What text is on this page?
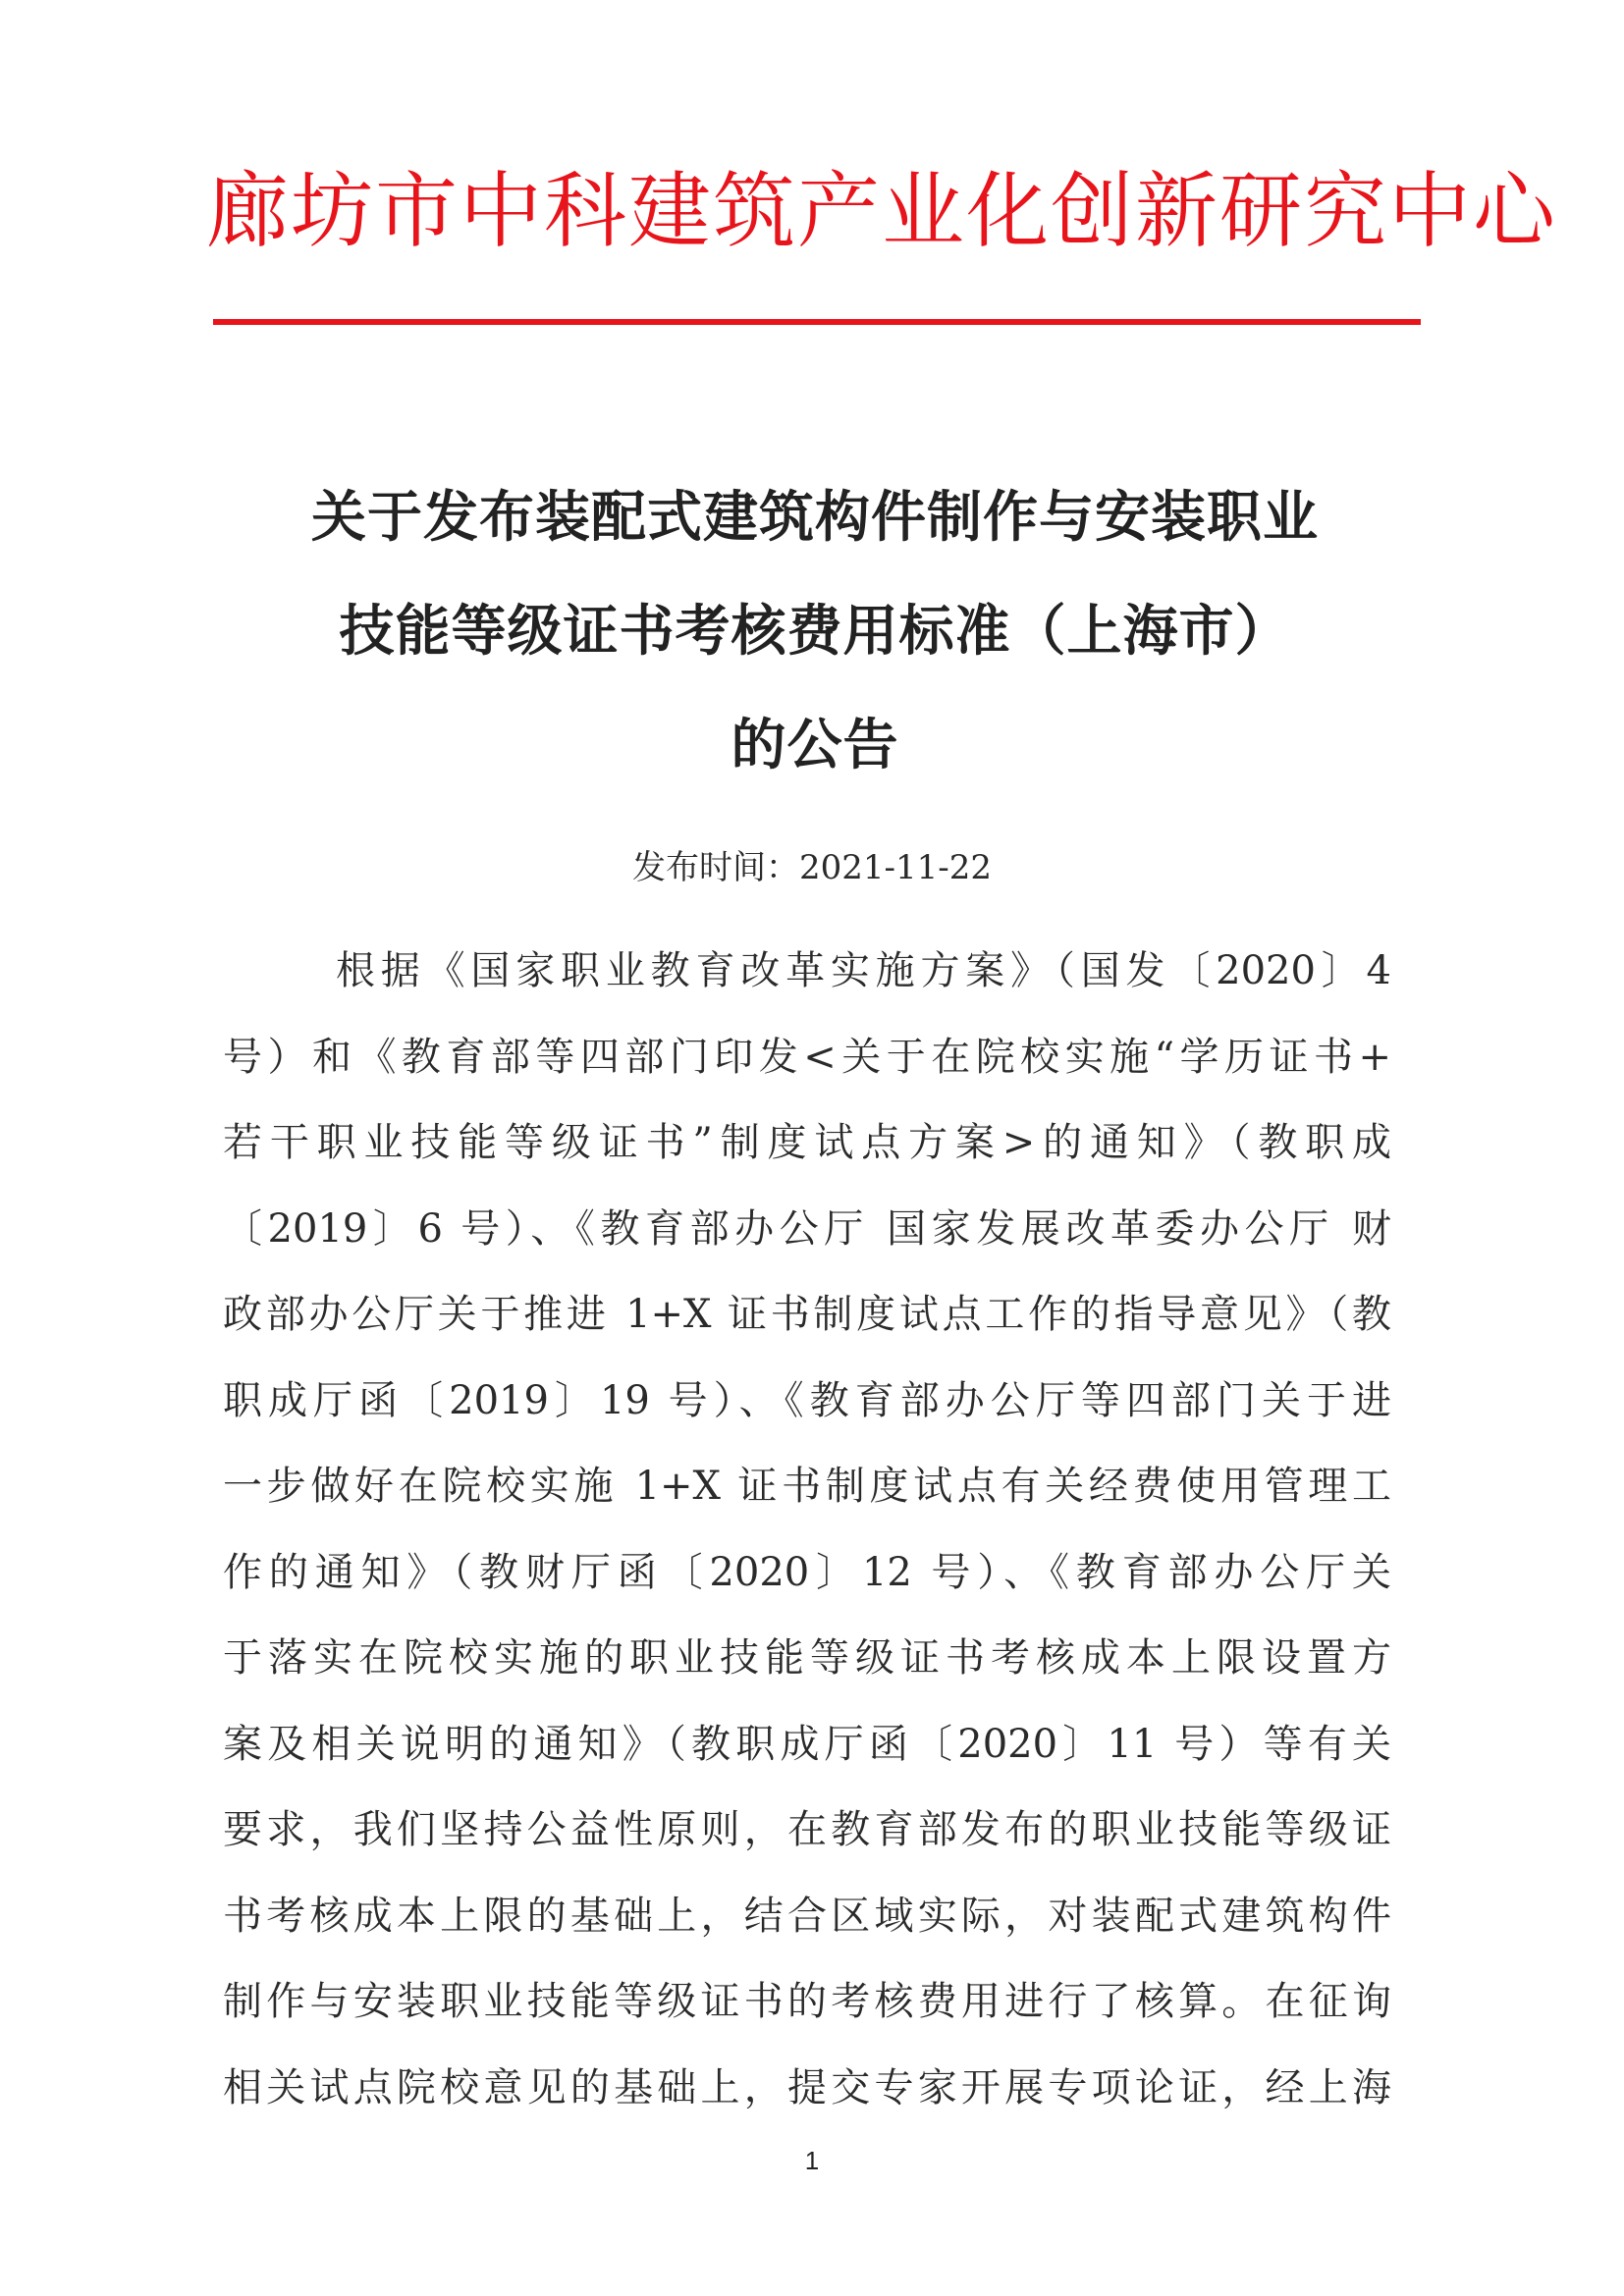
廊坊市中科建筑产业化创新研究中心
关于发布装配式建筑构件制作与安装职业
技能等级证书考核费用标准（上海市）
的公告
发布时间：2021-11-22
根据《国家职业教育改革实施方案》（国发〔2020〕4
号）和《教育部等四部门印发<关于在院校实施“学历证书+
若干职业技能等级证书”制度试点方案>的通知》（教职成
〔2019〕6 号）、《教育部办公厅 国家发展改革委办公厅 财
政部办公厅关于推进 1+X 证书制度试点工作的指导意见》（教
职成厅函〔2019〕19 号）、《教育部办公厅等四部门关于进
一步做好在院校实施 1+X 证书制度试点有关经费使用管理工
作的通知》（教财厅函〔2020〕12 号）、《教育部办公厅关
于落实在院校实施的职业技能等级证书考核成本上限设置方
案及相关说明的通知》（教职成厅函〔2020〕11 号）等有关
要求，我们坚持公益性原则，在教育部发布的职业技能等级证
书考核成本上限的基础上，结合区域实际，对装配式建筑构件
制作与安装职业技能等级证书的考核费用进行了核算。在征询
相关试点院校意见的基础上，提交专家开展专项论证，经上海
1
